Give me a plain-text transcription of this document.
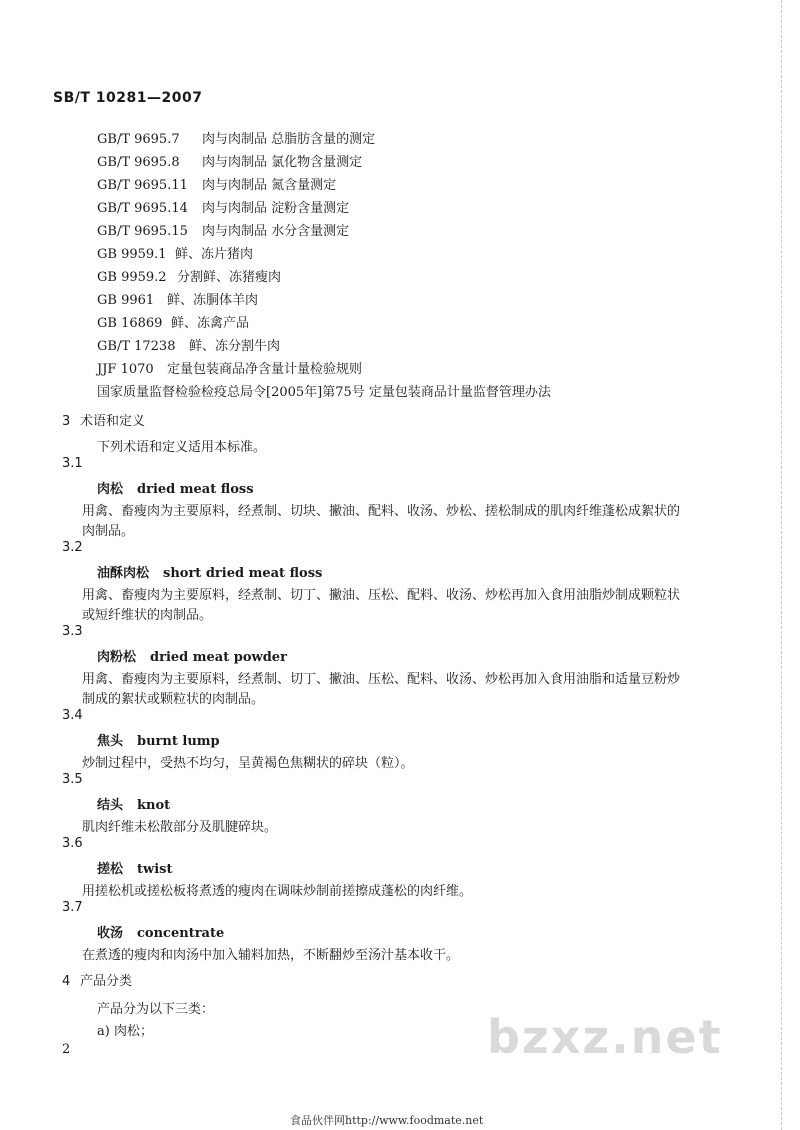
SB/T 10281—2007
GB/T 9695.7 肉与肉制品 总脂肪含量的测定
GB/T 9695.8 肉与肉制品 氯化物含量测定
GB/T 9695.11 肉与肉制品 氮含量测定
GB/T 9695.14 肉与肉制品 淀粉含量测定
GB/T 9695.15 肉与肉制品 水分含量测定
GB 9959.1 鲜、冻片猪肉
GB 9959.2 分割鲜、冻猪瘦肉
GB 9961 鲜、冻胴体羊肉
GB 16869 鲜、冻禽产品
GB/T 17238 鲜、冻分割牛肉
JJF 1070 定量包装商品净含量计量检验规则
国家质量监督检验检疫总局令[2005年]第75号 定量包装商品计量监督管理办法
3 术语和定义
下列术语和定义适用本标准。
3.1
肉松 dried meat floss
用禽、畜瘦肉为主要原料，经煮制、切块、撇油、配料、收汤、炒松、搓松制成的肌肉纤维蓬松成絮状的
肉制品。
3.2
油酥肉松 short dried meat floss
用禽、畜瘦肉为主要原料，经煮制、切丁、撇油、压松、配料、收汤、炒松再加入食用油脂炒制成颗粒状
或短纤维状的肉制品。
3.3
肉粉松 dried meat powder
用禽、畜瘦肉为主要原料，经煮制、切丁、撇油、压松、配料、收汤、炒松再加入食用油脂和适量豆粉炒
制成的絮状或颗粒状的肉制品。
3.4
焦头 burnt lump
炒制过程中，受热不均匀，呈黄褐色焦糊状的碎块（粒）。
3.5
结头 knot
肌肉纤维未松散部分及肌腱碎块。
3.6
搓松 twist
用搓松机或搓松板将煮透的瘦肉在调味炒制前搓擦成蓬松的肉纤维。
3.7
收汤 concentrate
在煮透的瘦肉和肉汤中加入辅料加热，不断翻炒至汤汁基本收干。
4 产品分类
产品分为以下三类：
a) 肉松；
2	bzxz.net
食品伙伴网http://www.foodmate.net
